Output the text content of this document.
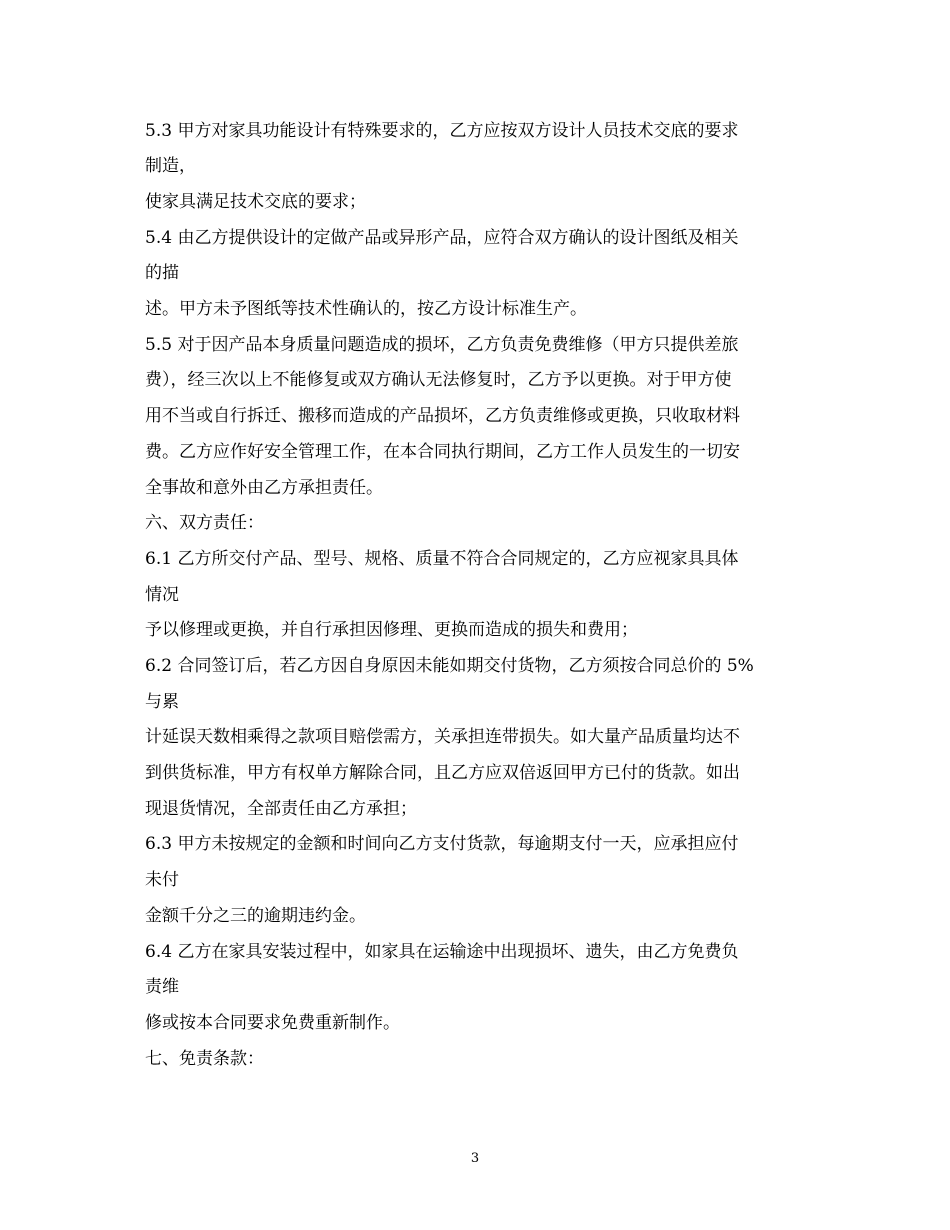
5.3 甲方对家具功能设计有特殊要求的，乙方应按双方设计人员技术交底的要求

制造，

使家具满足技术交底的要求；

5.4 由乙方提供设计的定做产品或异形产品，应符合双方确认的设计图纸及相关

的描

述。甲方未予图纸等技术性确认的，按乙方设计标准生产。

5.5 对于因产品本身质量问题造成的损坏，乙方负责免费维修（甲方只提供差旅

费），经三次以上不能修复或双方确认无法修复时，乙方予以更换。对于甲方使

用不当或自行拆迁、搬移而造成的产品损坏，乙方负责维修或更换，只收取材料

费。乙方应作好安全管理工作，在本合同执行期间，乙方工作人员发生的一切安

全事故和意外由乙方承担责任。

六、双方责任：

6.1 乙方所交付产品、型号、规格、质量不符合合同规定的，乙方应视家具具体

情况

予以修理或更换，并自行承担因修理、更换而造成的损失和费用；

6.2 合同签订后，若乙方因自身原因未能如期交付货物，乙方须按合同总价的 5%

与累

计延误天数相乘得之款项目赔偿需方，关承担连带损失。如大量产品质量均达不

到供货标准，甲方有权单方解除合同，且乙方应双倍返回甲方已付的货款。如出

现退货情况，全部责任由乙方承担；

6.3 甲方未按规定的金额和时间向乙方支付货款，每逾期支付一天，应承担应付

未付

金额千分之三的逾期违约金。

6.4 乙方在家具安装过程中，如家具在运输途中出现损坏、遗失，由乙方免费负

责维

修或按本合同要求免费重新制作。

七、免责条款：

3
